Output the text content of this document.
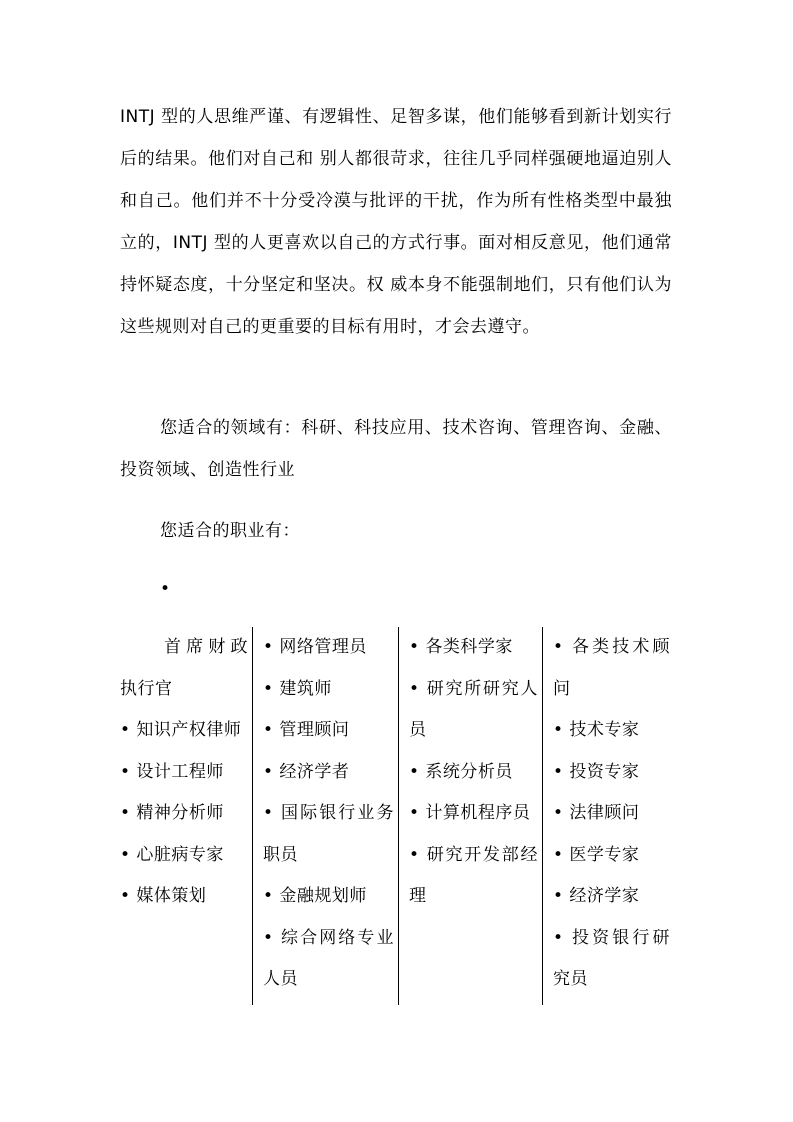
INTJ 型的人思维严谨、有逻辑性、足智多谋，他们能够看到新计划实行后的结果。他们对自己和 别人都很苛求，往往几乎同样强硬地逼迫别人和自己。他们并不十分受冷漠与批评的干扰，作为所有性格类型中最独立的，INTJ 型的人更喜欢以自己的方式行事。面对相反意见，他们通常持怀疑态度，十分坚定和坚决。权 威本身不能强制地们，只有他们认为这些规则对自己的更重要的目标有用时，才会去遵守。

您适合的领域有：科研、科技应用、技术咨询、管理咨询、金融、投资领域、创造性行业

您适合的职业有：

•

首席财政执行官

• 知识产权律师

• 设计工程师

• 精神分析师

• 心脏病专家

• 媒体策划

• 网络管理员

• 建筑师

• 管理顾问

• 经济学者

• 国际银行业务职员

• 金融规划师

• 综合网络专业人员

• 各类科学家

• 研究所研究人员

• 系统分析员

• 计算机程序员

• 研究开发部经理

• 各类技术顾问

• 技术专家

• 投资专家

• 法律顾问

• 医学专家

• 经济学家

• 投资银行研究员
